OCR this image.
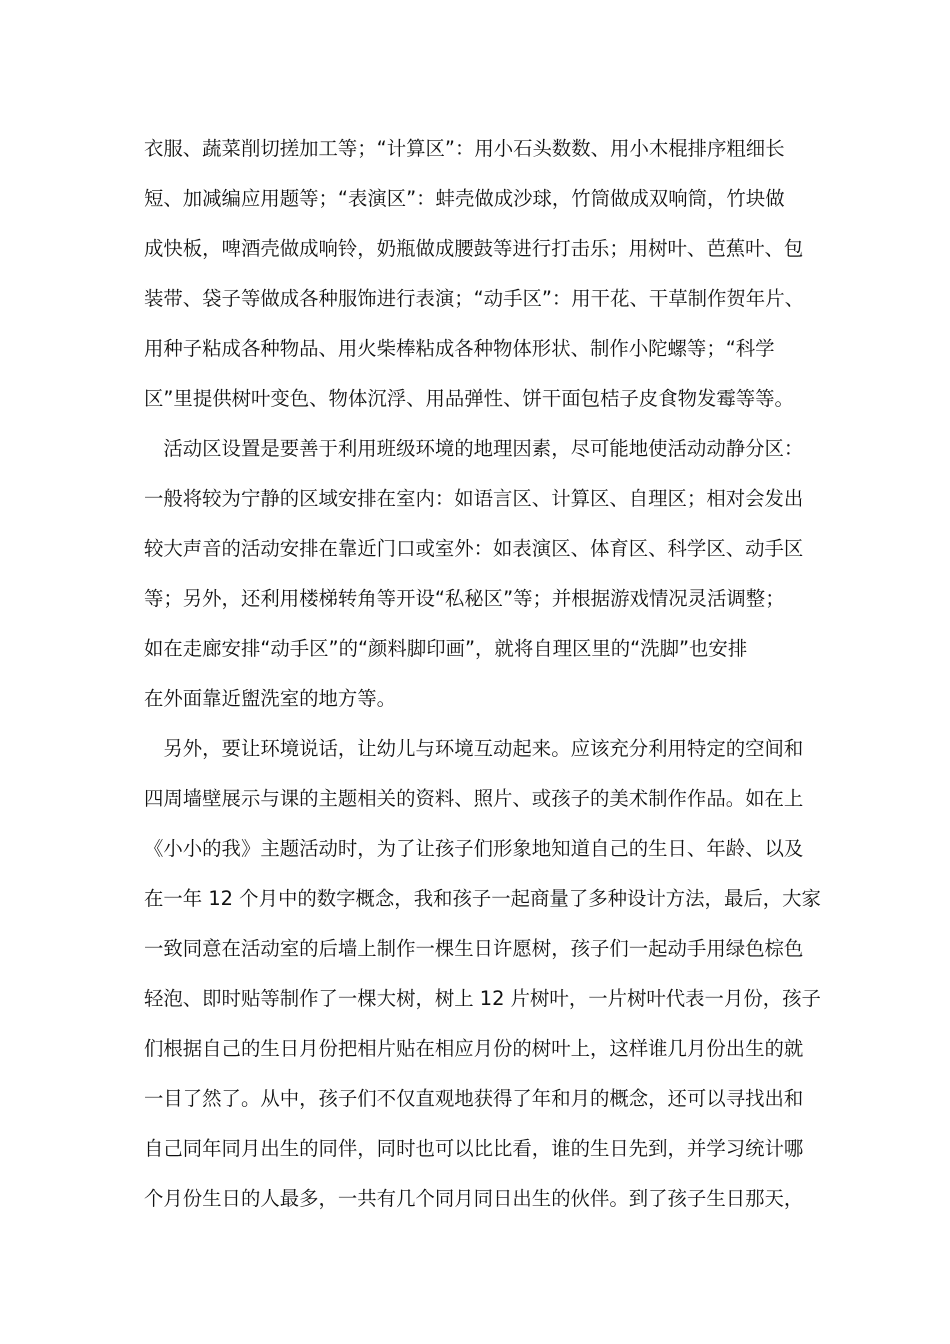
衣服、蔬菜削切搓加工等；“计算区”：用小石头数数、用小木棍排序粗细长
短、加减编应用题等；“表演区”：蚌壳做成沙球，竹筒做成双响筒，竹块做
成快板，啤酒壳做成响铃，奶瓶做成腰鼓等进行打击乐；用树叶、芭蕉叶、包
装带、袋子等做成各种服饰进行表演；“动手区”：用干花、干草制作贺年片、
用种子粘成各种物品、用火柴棒粘成各种物体形状、制作小陀螺等；“科学
区”里提供树叶变色、物体沉浮、用品弹性、饼干面包桔子皮食物发霉等等。
　活动区设置是要善于利用班级环境的地理因素，尽可能地使活动动静分区：
一般将较为宁静的区域安排在室内：如语言区、计算区、自理区；相对会发出
较大声音的活动安排在靠近门口或室外：如表演区、体育区、科学区、动手区
等；另外，还利用楼梯转角等开设“私秘区”等；并根据游戏情况灵活调整；
如在走廊安排“动手区”的“颜料脚印画”，就将自理区里的“洗脚”也安排
在外面靠近盥洗室的地方等。
　另外，要让环境说话，让幼儿与环境互动起来。应该充分利用特定的空间和
四周墙壁展示与课的主题相关的资料、照片、或孩子的美术制作作品。如在上
《小小的我》主题活动时，为了让孩子们形象地知道自己的生日、年龄、以及
在一年 12 个月中的数字概念，我和孩子一起商量了多种设计方法，最后，大家
一致同意在活动室的后墙上制作一棵生日许愿树，孩子们一起动手用绿色棕色
轻泡、即时贴等制作了一棵大树，树上 12 片树叶，一片树叶代表一月份，孩子
们根据自己的生日月份把相片贴在相应月份的树叶上，这样谁几月份出生的就
一目了然了。从中，孩子们不仅直观地获得了年和月的概念，还可以寻找出和
自己同年同月出生的同伴，同时也可以比比看，谁的生日先到，并学习统计哪
个月份生日的人最多，一共有几个同月同日出生的伙伴。到了孩子生日那天，
